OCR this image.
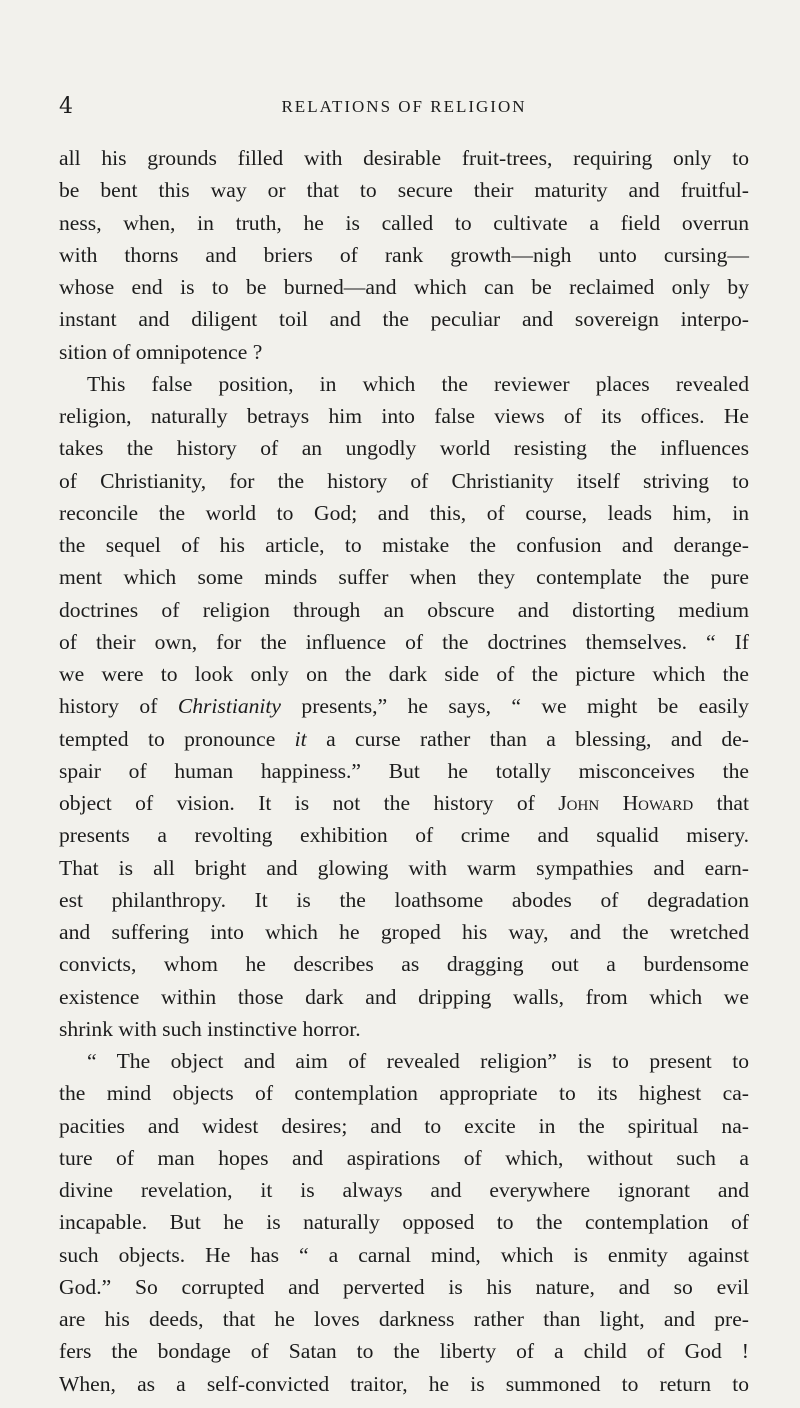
4	RELATIONS OF RELIGION
all his grounds filled with desirable fruit-trees, requiring only to
be bent this way or that to secure their maturity and fruitful-
ness, when, in truth, he is called to cultivate a field overrun
with thorns and briers of rank growth—nigh unto cursing—
whose end is to be burned—and which can be reclaimed only by
instant and diligent toil and the peculiar and sovereign interpo-
sition of omnipotence ?
This false position, in which the reviewer places revealed
religion, naturally betrays him into false views of its offices. He
takes the history of an ungodly world resisting the influences
of Christianity, for the history of Christianity itself striving to
reconcile the world to God; and this, of course, leads him, in
the sequel of his article, to mistake the confusion and derange-
ment which some minds suffer when they contemplate the pure
doctrines of religion through an obscure and distorting medium
of their own, for the influence of the doctrines themselves. “ If
we were to look only on the dark side of the picture which the
history of Christianity presents,” he says, “ we might be easily
tempted to pronounce it a curse rather than a blessing, and de-
spair of human happiness.” But he totally misconceives the
object of vision. It is not the history of John Howard that
presents a revolting exhibition of crime and squalid misery.
That is all bright and glowing with warm sympathies and earn-
est philanthropy. It is the loathsome abodes of degradation
and suffering into which he groped his way, and the wretched
convicts, whom he describes as dragging out a burdensome
existence within those dark and dripping walls, from which we
shrink with such instinctive horror.
“ The object and aim of revealed religion” is to present to
the mind objects of contemplation appropriate to its highest ca-
pacities and widest desires; and to excite in the spiritual na-
ture of man hopes and aspirations of which, without such a
divine revelation, it is always and everywhere ignorant and
incapable. But he is naturally opposed to the contemplation of
such objects. He has “ a carnal mind, which is enmity against
God.” So corrupted and perverted is his nature, and so evil
are his deeds, that he loves darkness rather than light, and pre-
fers the bondage of Satan to the liberty of a child of God !
When, as a self-convicted traitor, he is summoned to return to
